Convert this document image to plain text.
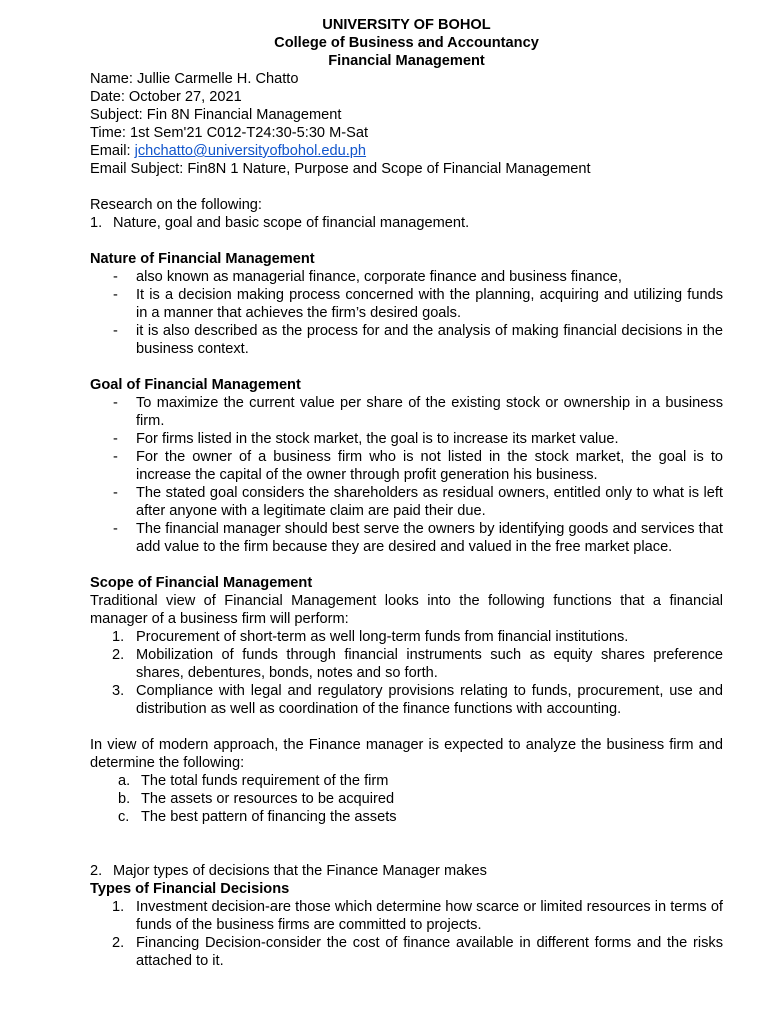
UNIVERSITY OF BOHOL
College of Business and Accountancy
Financial Management
Name: Jullie Carmelle H. Chatto
Date: October 27, 2021
Subject: Fin 8N Financial Management
Time: 1st Sem'21 C012-T24:30-5:30 M-Sat
Email: jchchatto@universityofbohol.edu.ph
Email Subject: Fin8N 1 Nature, Purpose and Scope of Financial Management
Research on the following:
1. Nature, goal and basic scope of financial management.
Nature of Financial Management
- also known as managerial finance, corporate finance and business finance,
- It is a decision making process concerned with the planning, acquiring and utilizing funds in a manner that achieves the firm’s desired goals.
- it is also described as the process for and the analysis of making financial decisions in the business context.
Goal of Financial Management
- To maximize the current value per share of the existing stock or ownership in a business firm.
- For firms listed in the stock market, the goal is to increase its market value.
- For the owner of a business firm who is not listed in the stock market, the goal is to increase the capital of the owner through profit generation his business.
- The stated goal considers the shareholders as residual owners, entitled only to what is left after anyone with a legitimate claim are paid their due.
- The financial manager should best serve the owners by identifying goods and services that add value to the firm because they are desired and valued in the free market place.
Scope of Financial Management
Traditional view of Financial Management looks into the following functions that a financial manager of a business firm will perform:
1. Procurement of short-term as well long-term funds from financial institutions.
2. Mobilization of funds through financial instruments such as equity shares preference shares, debentures, bonds, notes and so forth.
3. Compliance with legal and regulatory provisions relating to funds, procurement, use and distribution as well as coordination of the finance functions with accounting.
In view of modern approach, the Finance manager is expected to analyze the business firm and determine the following:
a. The total funds requirement of the firm
b. The assets or resources to be acquired
c. The best pattern of financing the assets
2. Major types of decisions that the Finance Manager makes
Types of Financial Decisions
1. Investment decision-are those which determine how scarce or limited resources in terms of funds of the business firms are committed to projects.
2. Financing Decision-consider the cost of finance available in different forms and the risks attached to it.
